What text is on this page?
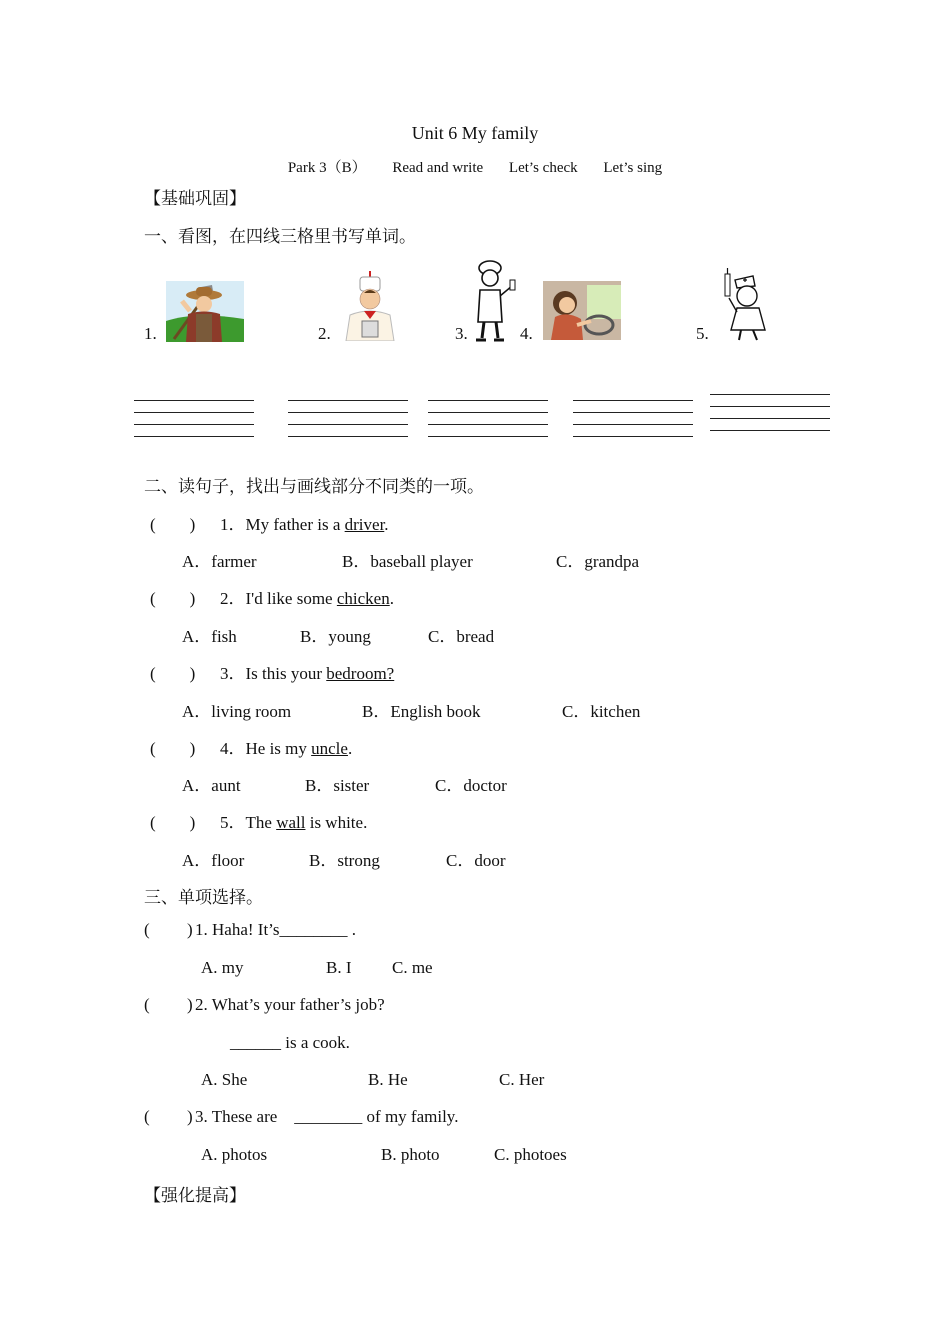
Unit 6 My family
Park 3（B） Read and write Let’s check Let’s sing
【基础巩固】
一、看图，在四线三格里书写单词。
1.	2.	3.	4.	5.
二、读句子，找出与画线部分不同类的一项。
(　　) 1．My father is a driver.
A．farmer	B．baseball player	C．grandpa
(　　) 2．I'd like some chicken.
A．fish	B．young	C．bread
(　　) 3．Is this your bedroom?
A．living room	B．English book	C．kitchen
(　　) 4．He is my uncle.
A．aunt	B．sister	C．doctor
(　　) 5．The wall is white.
A．floor	B．strong	C．door
三、单项选择。
( ) 1. Haha! It’s________ .
A. my	B. I C. me
( ) 2. What’s your father’s job?
______ is a cook.
A. She	B. He	C. Her
( ) 3. These are    ________ of my family.
A. photos	B. photo	C. photoes
【强化提高】
